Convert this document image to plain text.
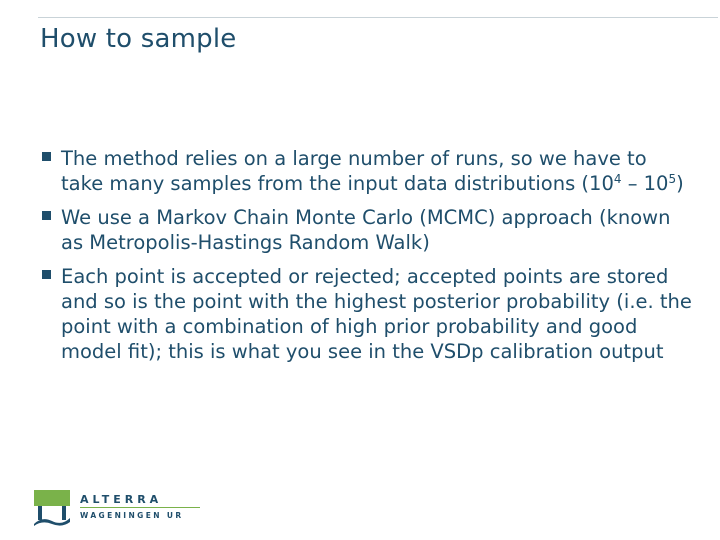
How to sample
The method relies on a large number of runs, so we have to take many samples from the input data distributions $(10^4 - 10^5)$
We use a Markov Chain Monte Carlo (MCMC) approach (known as Metropolis-Hastings Random Walk)
Each point is accepted or rejected; accepted points are stored and so is the point with the highest posterior probability (i.e. the point with a combination of high prior probability and good model fit); this is what you see in the VSDp calibration output
ALTERRA
WAGENINGEN UR
